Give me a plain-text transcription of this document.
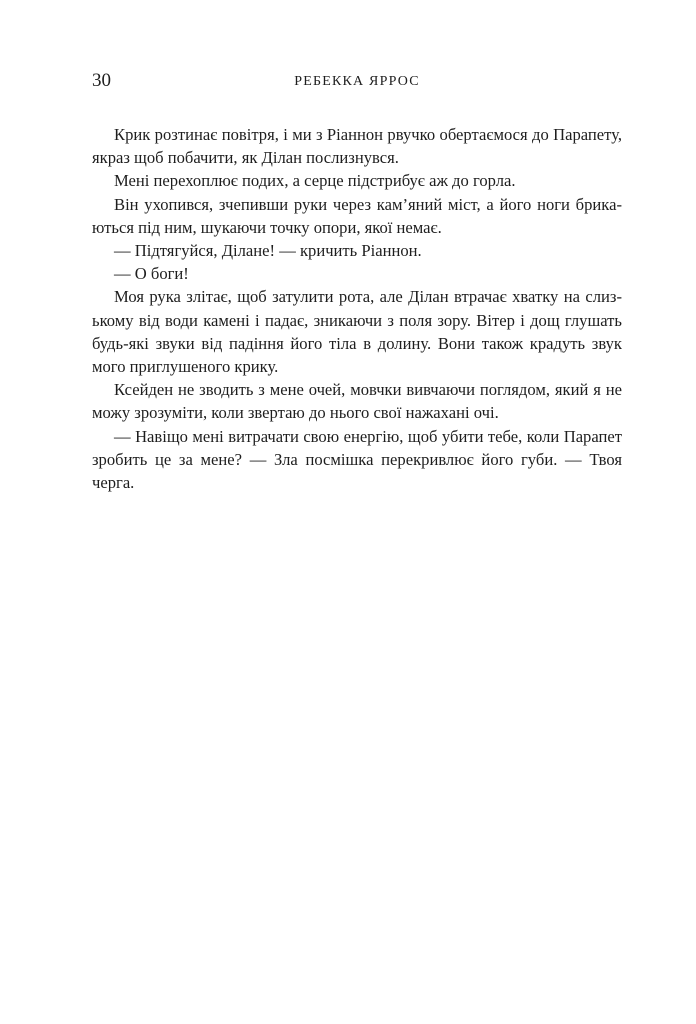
30	РЕБЕККА ЯРРОС

Крик розтинає повітря, і ми з Ріаннон рвучко обертаємося до Парапету, якраз щоб побачити, як Ділан послизнувся.

Мені перехоплює подих, а серце підстрибує аж до горла.

Він ухопився, зчепивши руки через кам’яний міст, а його ноги брикаються під ним, шукаючи точку опори, якої немає.

— Підтягуйся, Ділане! — кричить Ріаннон.

— О боги!

Моя рука злітає, щоб затулити рота, але Ділан втрачає хватку на слизькому від води камені і падає, зникаючи з поля зору. Вітер і дощ глушать будь-які звуки від падіння його тіла в долину. Вони також крадуть звук мого приглушеного крику.

Ксейден не зводить з мене очей, мовчки вивчаючи поглядом, який я не можу зрозуміти, коли звертаю до нього свої нажахані очі.

— Навіщо мені витрачати свою енергію, щоб убити тебе, коли Парапет зробить це за мене? — Зла посмішка перекривлює його губи. — Твоя черга.
